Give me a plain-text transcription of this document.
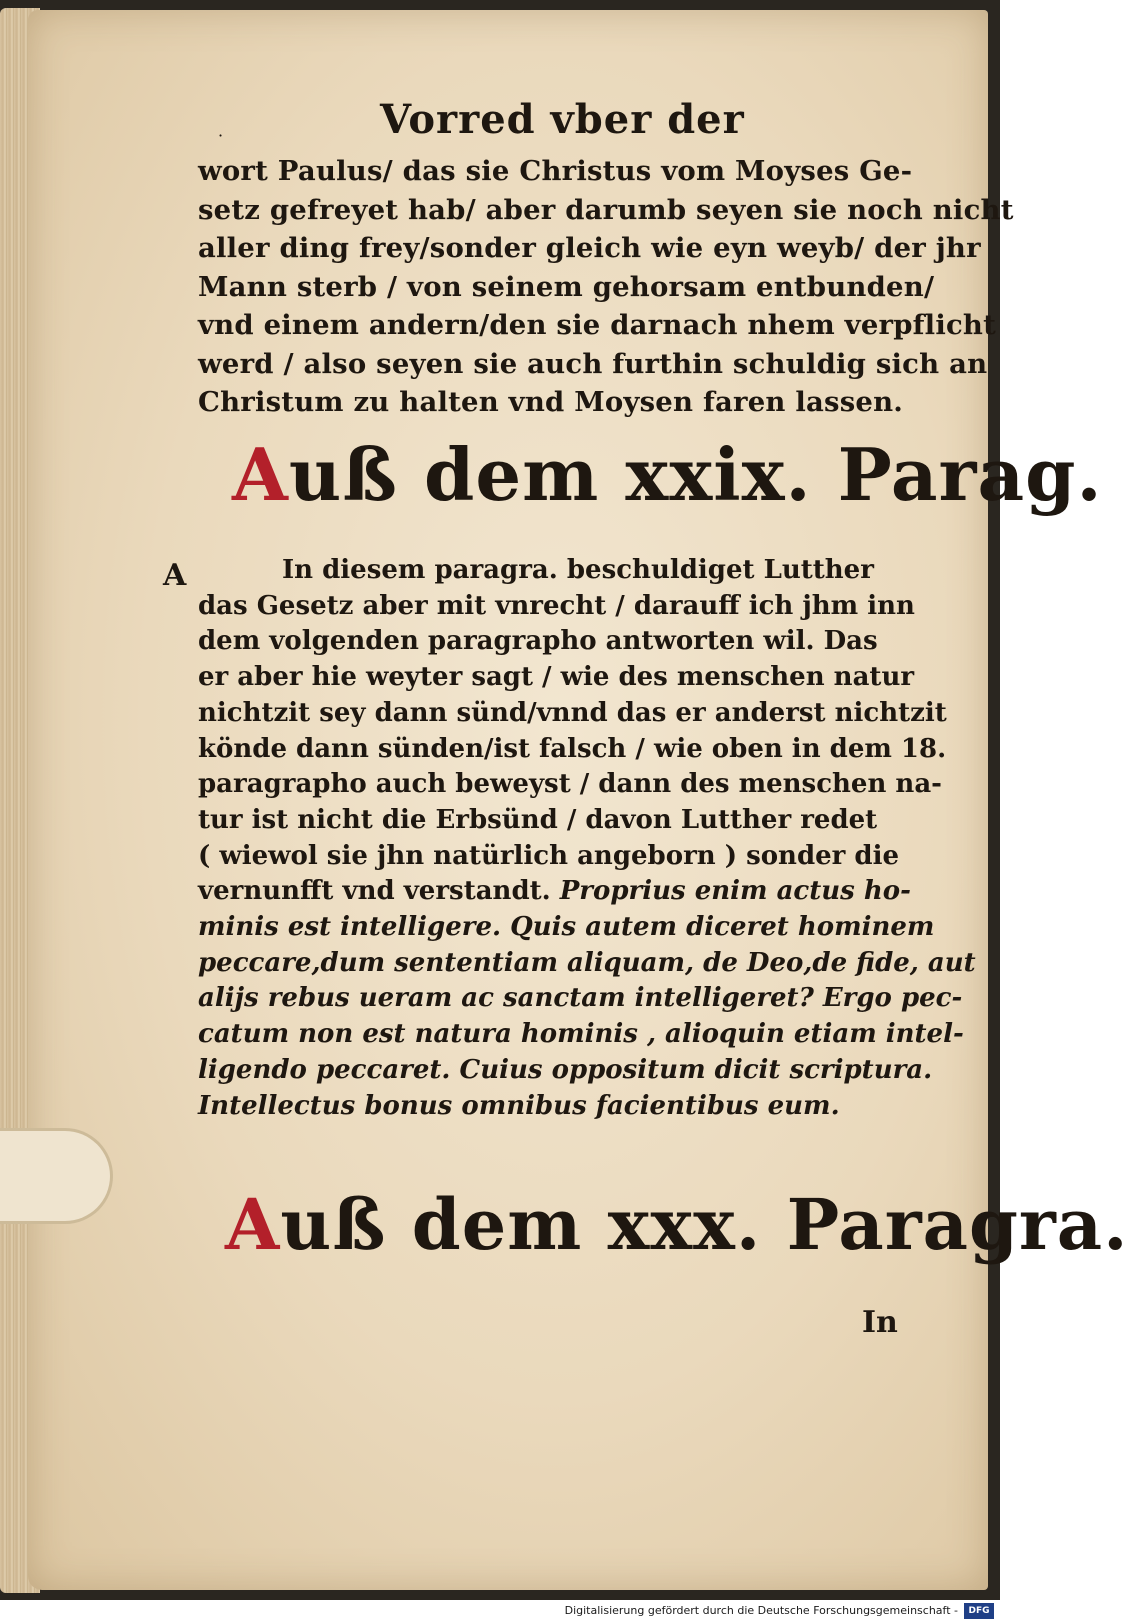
·	Vorred vber der
wort Paulus/ das sie Christus vom Moyses Ge-
setz gefreyet hab/ aber darumb seyen sie noch nicht
aller ding frey/sonder gleich wie eyn weyb/ der jhr
Mann sterb / von seinem gehorsam entbunden/
vnd einem andern/den sie darnach nhem verpflicht
werd / also seyen sie auch furthin schuldig sich an
Christum zu halten vnd Moysen faren lassen.
Auß dem xxix. Parag.
A	In diesem paragra. beschuldiget Lutther
das Gesetz aber mit vnrecht / darauff ich jhm inn
dem volgenden paragrapho antworten wil. Das
er aber hie weyter sagt / wie des menschen natur
nichtzit sey dann sünd/vnnd das er anderst nichtzit
könde dann sünden/ist falsch / wie oben in dem 18.
paragrapho auch beweyst / dann des menschen na-
tur ist nicht die Erbsünd / davon Lutther redet
( wiewol sie jhn natürlich angeborn ) sonder die
vernunfft vnd verstandt. Proprius enim actus ho-
minis est intelligere. Quis autem diceret hominem
peccare,dum sententiam aliquam, de Deo,de fide, aut
alijs rebus ueram ac sanctam intelligeret? Ergo pec-
catum non est natura hominis , alioquin etiam intel-
ligendo peccaret. Cuius oppositum dicit scriptura.
Intellectus bonus omnibus facientibus eum.
Auß dem xxx. Paragra.
In
Digitalisierung gefördert durch die Deutsche Forschungsgemeinschaft -	DFG
